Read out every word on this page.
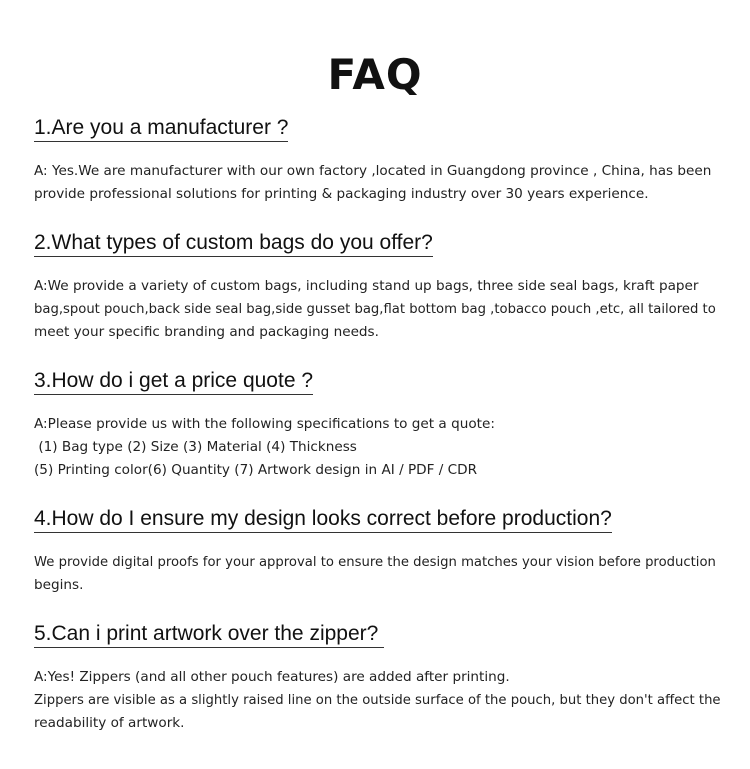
FAQ
1.Are you a manufacturer ?
A: Yes.We are manufacturer with our own factory ,located in Guangdong province , China, has been
provide professional solutions for printing & packaging industry over 30 years experience.
2.What types of custom bags do you offer?
A:We provide a variety of custom bags, including stand up bags, three side seal bags, kraft paper
bag,spout pouch,back side seal bag,side gusset bag,flat bottom bag ,tobacco pouch ,etc, all tailored to
meet your specific branding and packaging needs.
3.How do i get a price quote ?
A:Please provide us with the following specifications to get a quote:
(1) Bag type (2) Size (3) Material (4) Thickness
(5) Printing color(6) Quantity (7) Artwork design in AI / PDF / CDR
4.How do I ensure my design looks correct before production?
We provide digital proofs for your approval to ensure the design matches your vision before production
begins.
5.Can i print artwork over the zipper?
A:Yes! Zippers (and all other pouch features) are added after printing.
Zippers are visible as a slightly raised line on the outside surface of the pouch, but they don't affect the
readability of artwork.
